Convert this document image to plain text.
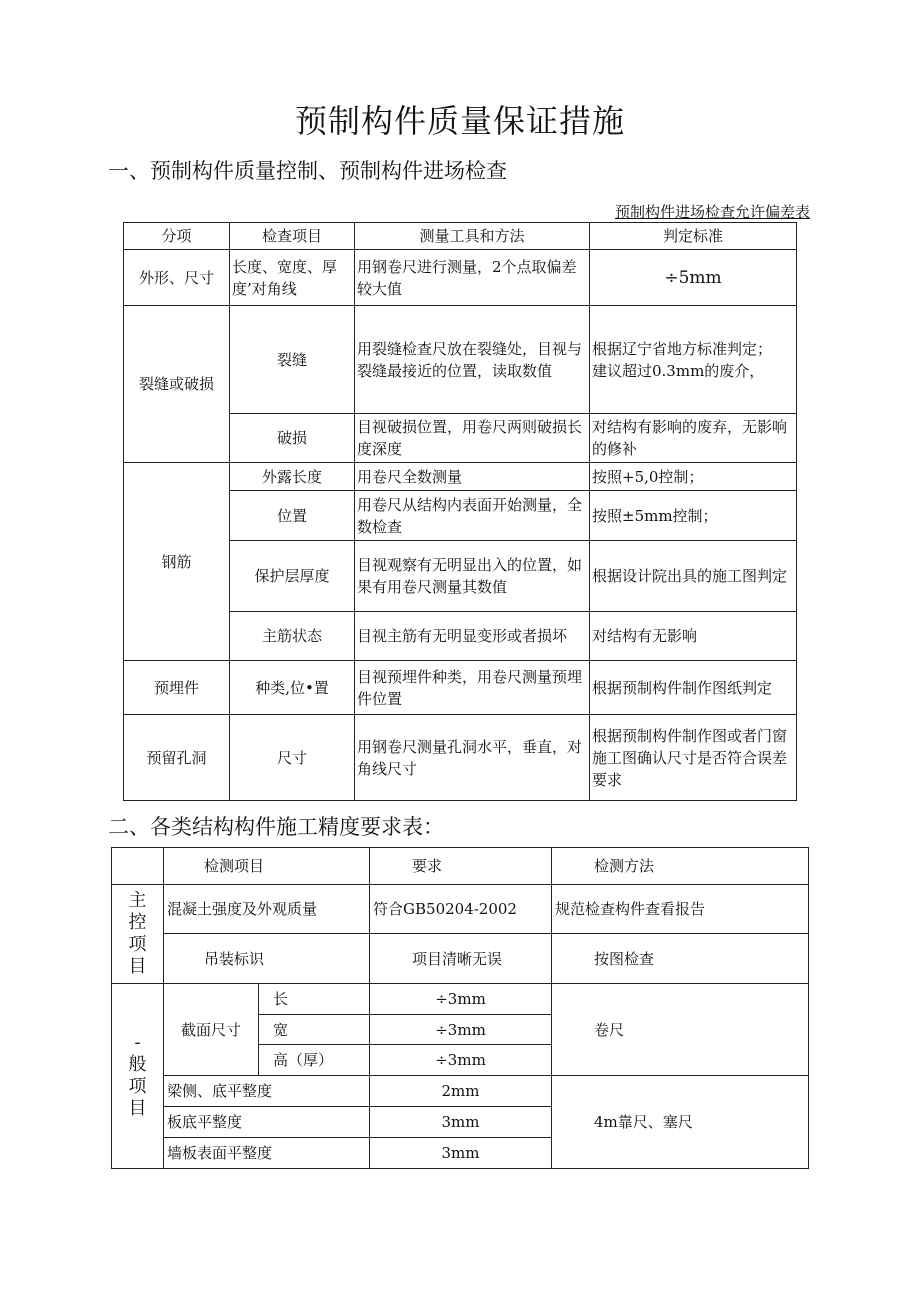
预制构件质量保证措施
一、预制构件质量控制、预制构件进场检查
预制构件进场检查允许偏差表
分项	检查项目	测量工具和方法	判定标准
外形、尺寸	长度、宽度、厚度’对角线	用钢卷尺进行测量，2个点取偏差较大值	÷5mm
裂缝或破损	裂缝	用裂缝检查尺放在裂缝处，目视与裂缝最接近的位置，读取数值	根据辽宁省地方标准判定；
建议超过0.3mm的废介，

	破损	目视破损位置，用卷尺两则破损长度深度	对结构有影响的废弃，无影响的修补
钢筋	外露长度	用卷尺全数测量	按照+5,0控制；
	位置	用卷尺从结构内表面开始测量，全数检查	按照±5mm控制；
	保护层厚度	目视观察有无明显出入的位置，如果有用卷尺测量其数值	根据设计院出具的施工图判定
	主筋状态	目视主筋有无明显变形或者损坏	对结构有无影响
预埋件	种类,位•置	目视预埋件种类，用卷尺测量预埋件位置	根据预制构件制作图纸判定
预留孔洞	尺寸	用钢卷尺测量孔洞水平，垂直，对角线尺寸	根据预制构件制作图或者门窗施工图确认尺寸是否符合误差要求
二、各类结构构件施工精度要求表：
	检测项目		要求	检测方法

主
控
项
目	混凝土强度及外观质量		符合GB50204-2002	规范检查构件查看报告
	吊装标识		项目清晰无误	按图检查

-
般
项
目	截面尺寸	长	÷3mm	卷尺
		宽	÷3mm	
		高（厚）	÷3mm	
	梁侧、底平整度		2mm	4m靠尺、塞尺
	板底平整度		3mm	
	墙板表面平整度		3mm	
